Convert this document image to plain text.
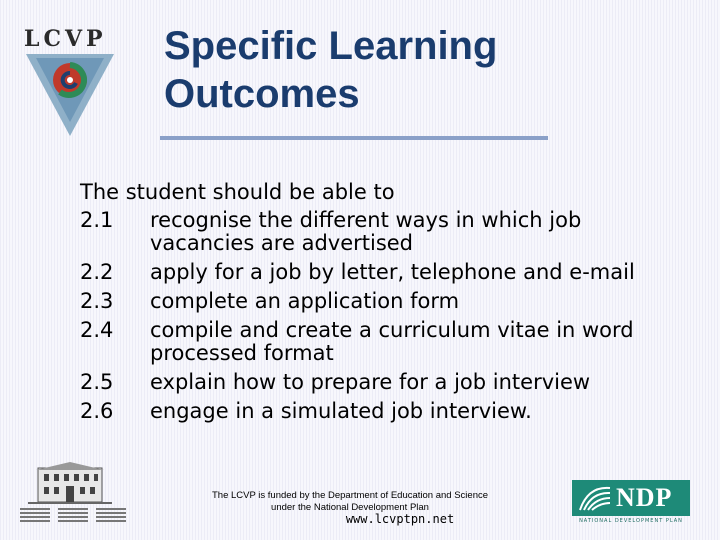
LCVP	Specific Learning
Outcomes

The student should be able to

2.1	recognise the different ways in which job vacancies are advertised
2.2	apply for a job by letter, telephone and e-mail
2.3	complete an application form
2.4	compile and create a curriculum vitae in word processed format
2.5	explain how to prepare for a job interview
2.6	engage in a simulated job interview.
The LCVP is funded by the Department of Education and Science
under the National Development Plan
www.lcvptpn.net
NDP
NATIONAL DEVELOPMENT PLAN
